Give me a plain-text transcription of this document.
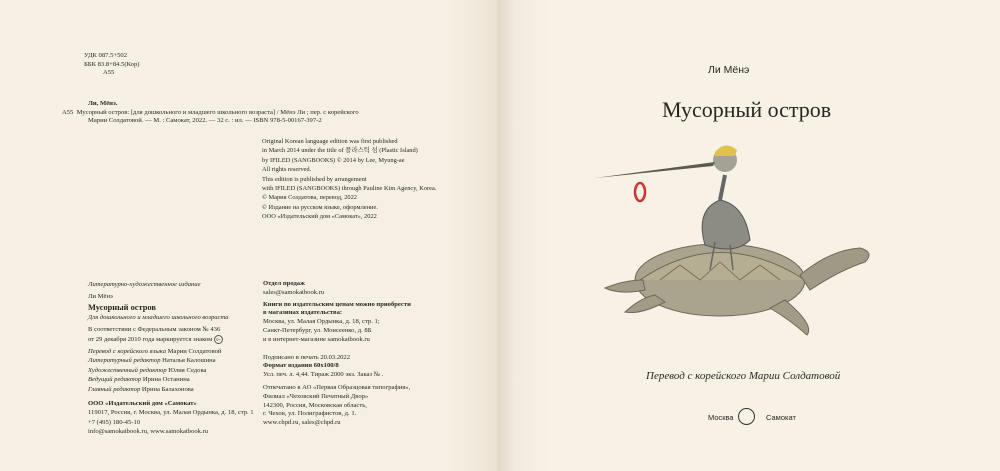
УДК 087.5+502
ББК 83.8+84.5(Кор)
А55
Ли, Мёнэ.
А55 Мусорный остров: [для дошкольного и младшего школьного возраста] / Мёнэ Ли ; пер. с корейского
Марии Солдатовой. — М. : Самокат, 2022. — 32 с. : ил. — ISBN 978-5-00167-397-2
Original Korean language edition was first published
in March 2014 under the title of 플라스틱 섬 (Plastic Island)
by IFILED (SANGBOOKS) © 2014 by Lee, Myung-ae
All rights reserved.
This edition is published by arrangement
with IFILED (SANGBOOKS) through Pauline Kim Agency, Korea.
© Мария Солдатова, перевод, 2022
© Издание на русском языке, оформление.
ООО «Издательский дом «Самокат», 2022
Литературно-художественное издание
Ли Мёнэ
Мусорный остров
Для дошкольного и младшего школьного возраста
В соответствии с Федеральным законом № 436
от 29 декабря 2010 года маркируется знаком 0+
Перевод с корейского языка Марии Солдатовой
Литературный редактор Наталья Калошина
Художественный редактор Юлия Седова
Ведущий редактор Ирина Останина
Главный редактор Ирина Балахонова
ООО «Издательский дом «Самокат»
119017, Россия, г. Москва, ул. Малая Ордынка, д. 18, стр. 1
+7 (495) 180-45-10
info@samokatbook.ru, www.samokatbook.ru
Отдел продаж
sales@samokatbook.ru
Книги по издательским ценам можно приобрести
в магазинах издательства:
Москва, ул. Малая Ордынка, д. 18, стр. 1;
Санкт-Петербург, ул. Моисеенко, д. 8Б
и в интернет-магазине samokatbook.ru
Подписано в печать 20.03.2022
Формат издания 60x100/8
Усл. печ. л. 4,44. Тираж 2000 экз. Заказ № .
Отпечатано в АО «Первая Образцовая типография»,
Филиал «Чеховский Печатный Двор»
142300, Россия, Московская область,
г. Чехов, ул. Полиграфистов, д. 1.
www.chpd.ru, sales@chpd.ru
Ли Мёнэ
Мусорный остров
Перевод с корейского Марии Солдатовой
Москва	Самокат
